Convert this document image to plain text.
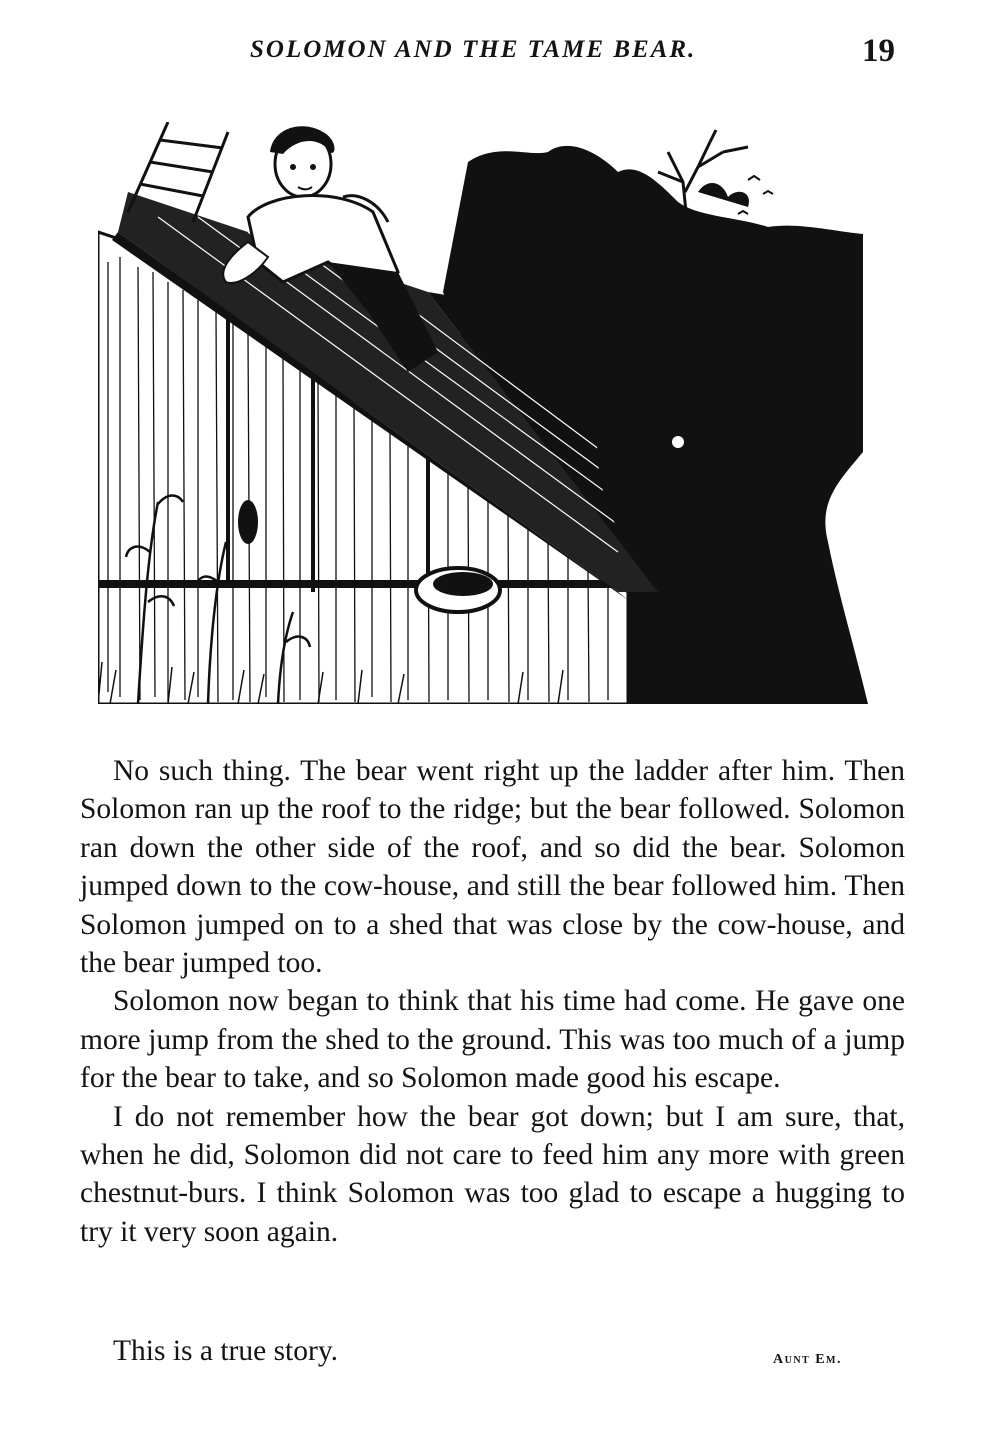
SOLOMON AND THE TAME BEAR.	19

No such thing. The bear went right up the ladder after him. Then Solomon ran up the roof to the ridge; but the bear followed. Solomon ran down the other side of the roof, and so did the bear. Solomon jumped down to the cow-house, and still the bear followed him. Then Solomon jumped on to a shed that was close by the cow-house, and the bear jumped too.

Solomon now began to think that his time had come. He gave one more jump from the shed to the ground. This was too much of a jump for the bear to take, and so Solomon made good his escape.

I do not remember how the bear got down; but I am sure, that, when he did, Solomon did not care to feed him any more with green chestnut-burs. I think Solomon was too glad to escape a hugging to try it very soon again.

This is a true story.	Aunt Em.
